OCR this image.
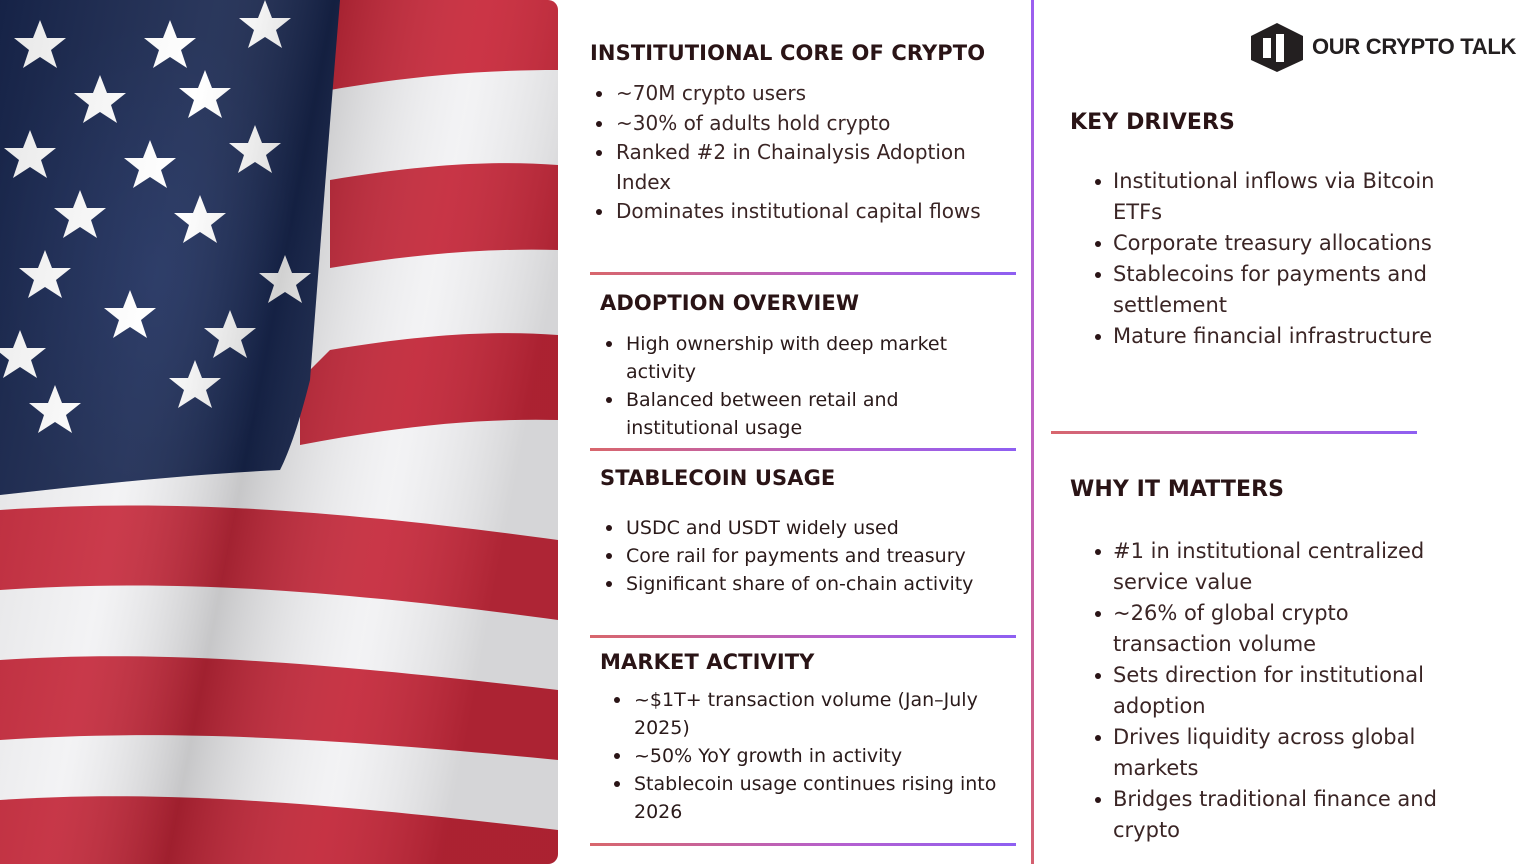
INSTITUTIONAL CORE OF CRYPTO
~70M crypto users
~30% of adults hold crypto
Ranked #2 in Chainalysis Adoption Index
Dominates institutional capital flows
ADOPTION OVERVIEW
High ownership with deep market activity
Balanced between retail and institutional usage
STABLECOIN USAGE
USDC and USDT widely used
Core rail for payments and treasury
Significant share of on-chain activity
MARKET ACTIVITY
~$1T+ transaction volume (Jan–July 2025)
~50% YoY growth in activity
Stablecoin usage continues rising into 2026
OUR CRYPTO TALK
KEY DRIVERS
Institutional inflows via Bitcoin ETFs
Corporate treasury allocations
Stablecoins for payments and settlement
Mature financial infrastructure
WHY IT MATTERS
#1 in institutional centralized service value
~26% of global crypto transaction volume
Sets direction for institutional adoption
Drives liquidity across global markets
Bridges traditional finance and crypto
